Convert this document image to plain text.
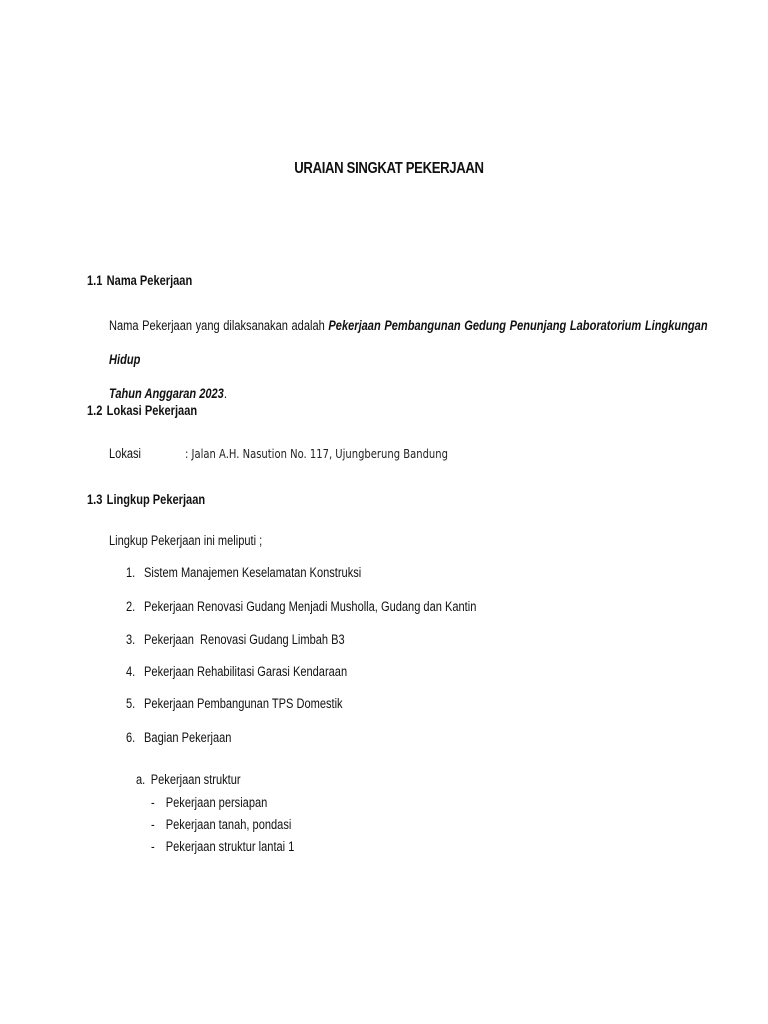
URAIAN SINGKAT PEKERJAAN
1.1 Nama Pekerjaan
Nama Pekerjaan yang dilaksanakan adalah Pekerjaan Pembangunan Gedung Penunjang Laboratorium Lingkungan Hidup
Tahun Anggaran 2023.
1.2 Lokasi Pekerjaan
Lokasi	: Jalan A.H. Nasution No. 117, Ujungberung Bandung
1.3 Lingkup Pekerjaan
Lingkup Pekerjaan ini meliputi ;
1. Sistem Manajemen Keselamatan Konstruksi
2. Pekerjaan Renovasi Gudang Menjadi Musholla, Gudang dan Kantin
3. Pekerjaan  Renovasi Gudang Limbah B3
4. Pekerjaan Rehabilitasi Garasi Kendaraan
5. Pekerjaan Pembangunan TPS Domestik
6. Bagian Pekerjaan
a. Pekerjaan struktur
- Pekerjaan persiapan
- Pekerjaan tanah, pondasi
- Pekerjaan struktur lantai 1
